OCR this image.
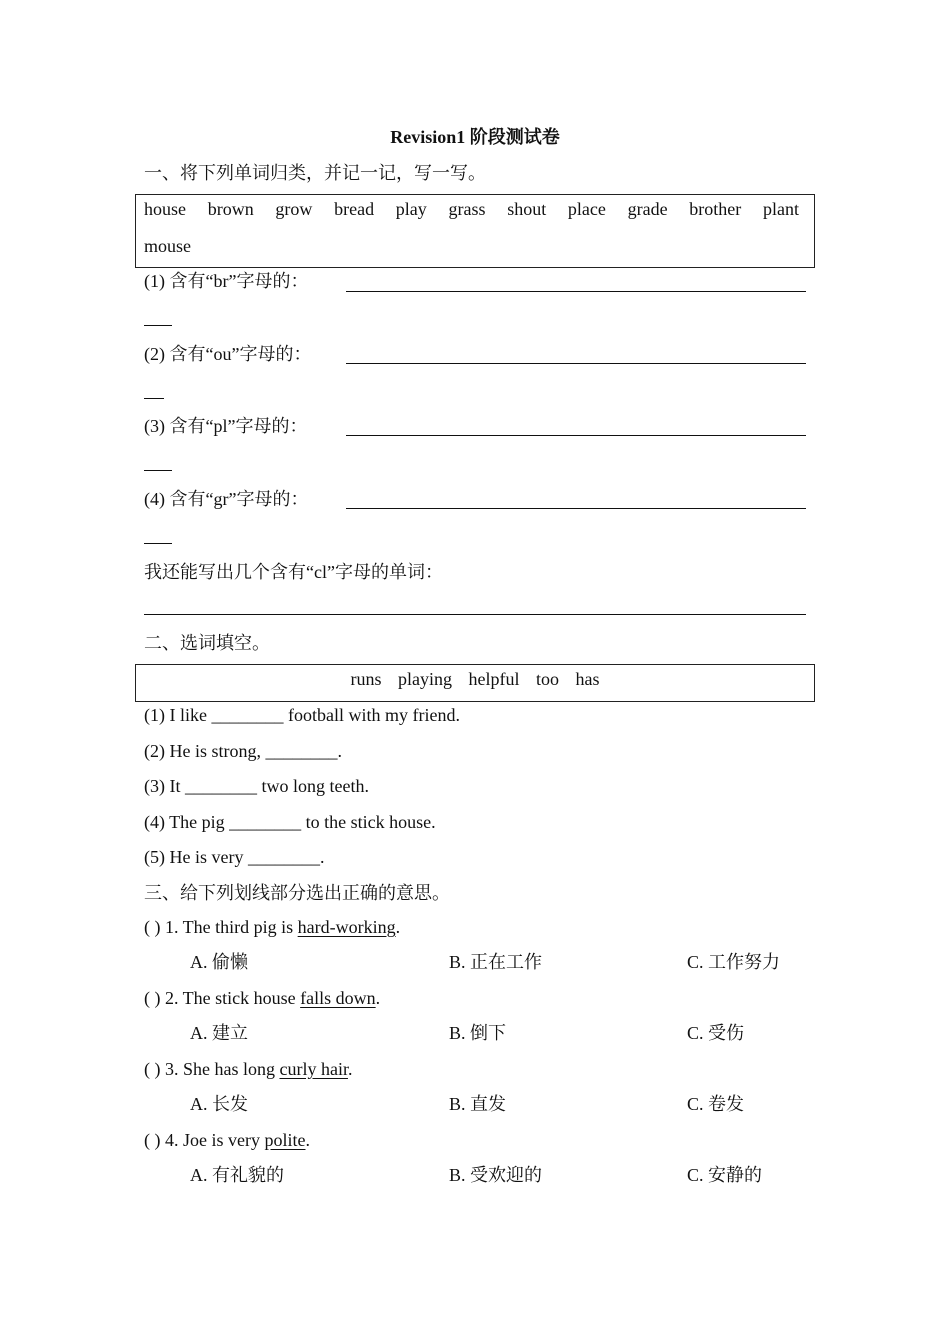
Revision1 阶段测试卷
一、将下列单词归类，并记一记，写一写。
house brown grow bread play grass shout place grade brother plant
mouse
(1) 含有“br”字母的：
(2) 含有“ou”字母的：
(3) 含有“pl”字母的：
(4) 含有“gr”字母的：
我还能写出几个含有“cl”字母的单词：
二、选词填空。
runs playing helpful too has
(1) I like ________ football with my friend.
(2) He is strong, ________.
(3) It ________ two long teeth.
(4) The pig ________ to the stick house.
(5) He is very ________.
三、给下列划线部分选出正确的意思。
( ) 1. The third pig is hard-working.
A. 偷懒	B. 正在工作	C. 工作努力
( ) 2. The stick house falls down.
A. 建立	B. 倒下	C. 受伤
( ) 3. She has long curly hair.
A. 长发	B. 直发	C. 卷发
( ) 4. Joe is very polite.
A. 有礼貌的	B. 受欢迎的	C. 安静的
